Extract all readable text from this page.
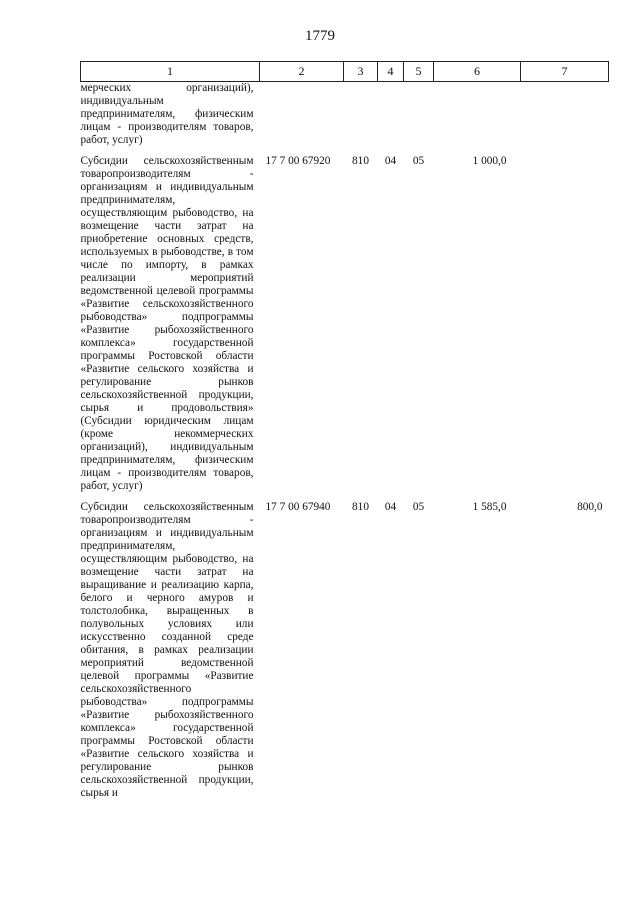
1779
1	2	3	4	5	6	7
мерческих организаций), индивидуальным предпринимателям, физическим лицам - производителям товаров, работ, услуг)						

Субсидии сельскохозяйственным товаропроизводителям - организациям и индивидуальным предпринимателям, осуществляющим рыбоводство, на возмещение части затрат на приобретение основных средств, используемых в рыбоводстве, в том числе по импорту, в рамках реализации мероприятий ведомственной целевой программы «Развитие сельскохозяйственного рыбоводства» подпрограммы «Развитие рыбохозяйственного комплекса» государственной программы Ростовской области «Развитие сельского хозяйства и регулирование рынков сельскохозяйственной продукции, сырья и продовольствия» (Субсидии юридическим лицам (кроме некоммерческих организаций), индивидуальным предпринимателям, физическим лицам - производителям товаров, работ, услуг)	17 7 00 67920	810	04	05	1 000,0	

Субсидии сельскохозяйственным товаропроизводителям - организациям и индивидуальным предпринимателям, осуществляющим рыбоводство, на возмещение части затрат на выращивание и реализацию карпа, белого и черного амуров и толстолобика, выращенных в полувольных условиях или искусственно созданной среде обитания, в рамках реализации мероприятий ведомственной целевой программы «Развитие сельскохозяйственного рыбоводства» подпрограммы «Развитие рыбохозяйственного комплекса» государственной программы Ростовской области «Развитие сельского хозяйства и регулирование рынков сельскохозяйственной продукции, сырья и	17 7 00 67940	810	04	05	1 585,0	800,0
